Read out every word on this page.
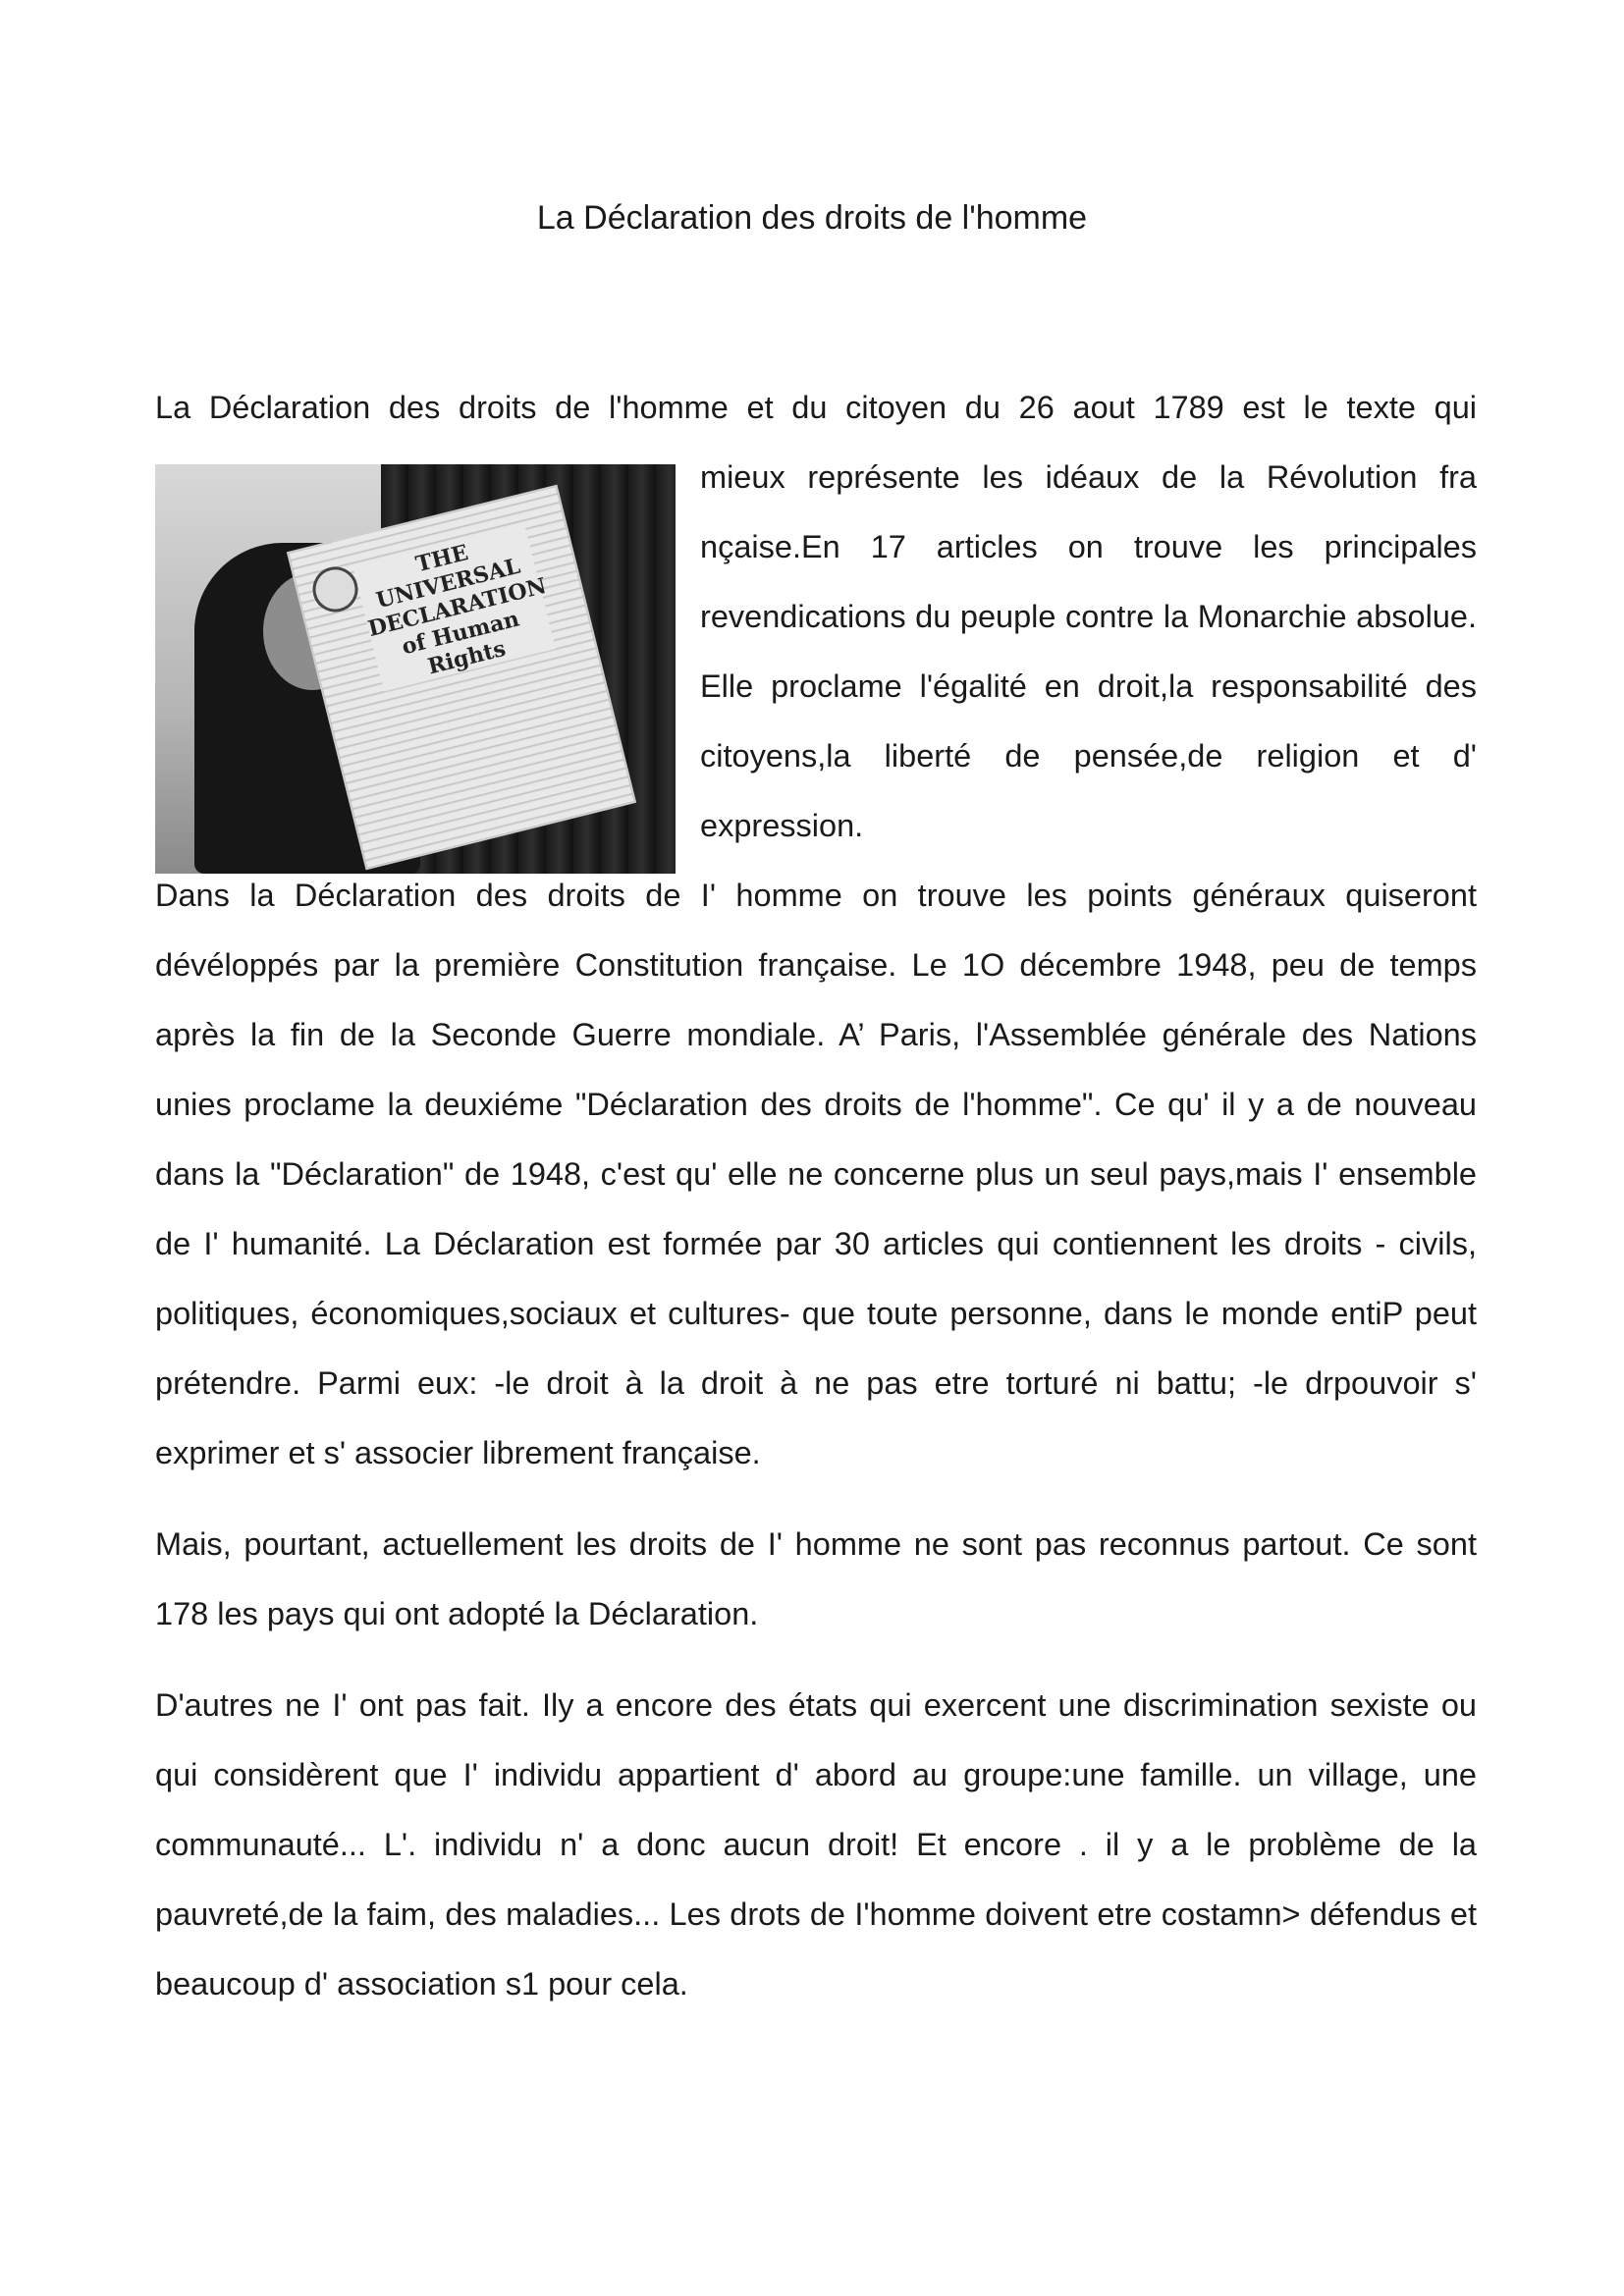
La Déclaration des droits de l'homme
La Déclaration des droits de l'homme et du citoyen du 26 aout 1789 est le texte qui
THE UNIVERSAL DECLARATION of Human Rights

mieux représente les idéaux de la Révolution fra nçaise.En 17 articles on trouve les principales revendications du peuple contre la Monarchie absolue. Elle proclame l'égalité en droit,la responsabilité des citoyens,la liberté de pensée,de religion et d' expression.

Dans la Déclaration des droits de I' homme on trouve les points généraux quiseront dévéloppés par la première Constitution française. Le 1O décembre 1948, peu de temps après la fin de la Seconde Guerre mondiale. A’ Paris, l'Assemblée générale des Nations unies proclame la deuxiéme "Déclaration des droits de l'homme". Ce qu' il y a de nouveau dans la "Déclaration" de 1948, c'est qu' elle ne concerne plus un seul pays,mais I' ensemble de I' humanité. La Déclaration est formée par 30 articles qui contiennent les droits - civils, politiques, économiques,sociaux et cultures- que toute personne, dans le monde entiP peut prétendre. Parmi eux: -le droit à la droit à ne pas etre torturé ni battu; -le drpouvoir s' exprimer et s' associer librement française.

Mais, pourtant, actuellement les droits de I' homme ne sont pas reconnus partout. Ce sont 178 les pays qui ont adopté la Déclaration.

D'autres ne I' ont pas fait. Ily a encore des états qui exercent une discrimination sexiste ou qui considèrent que I' individu appartient d' abord au groupe:une famille. un village, une communauté... L'. individu n' a donc aucun droit! Et encore . il y a le problème de la pauvreté,de la faim, des maladies... Les drots de I'homme doivent etre costamn> défendus et beaucoup d' association s1 pour cela.
